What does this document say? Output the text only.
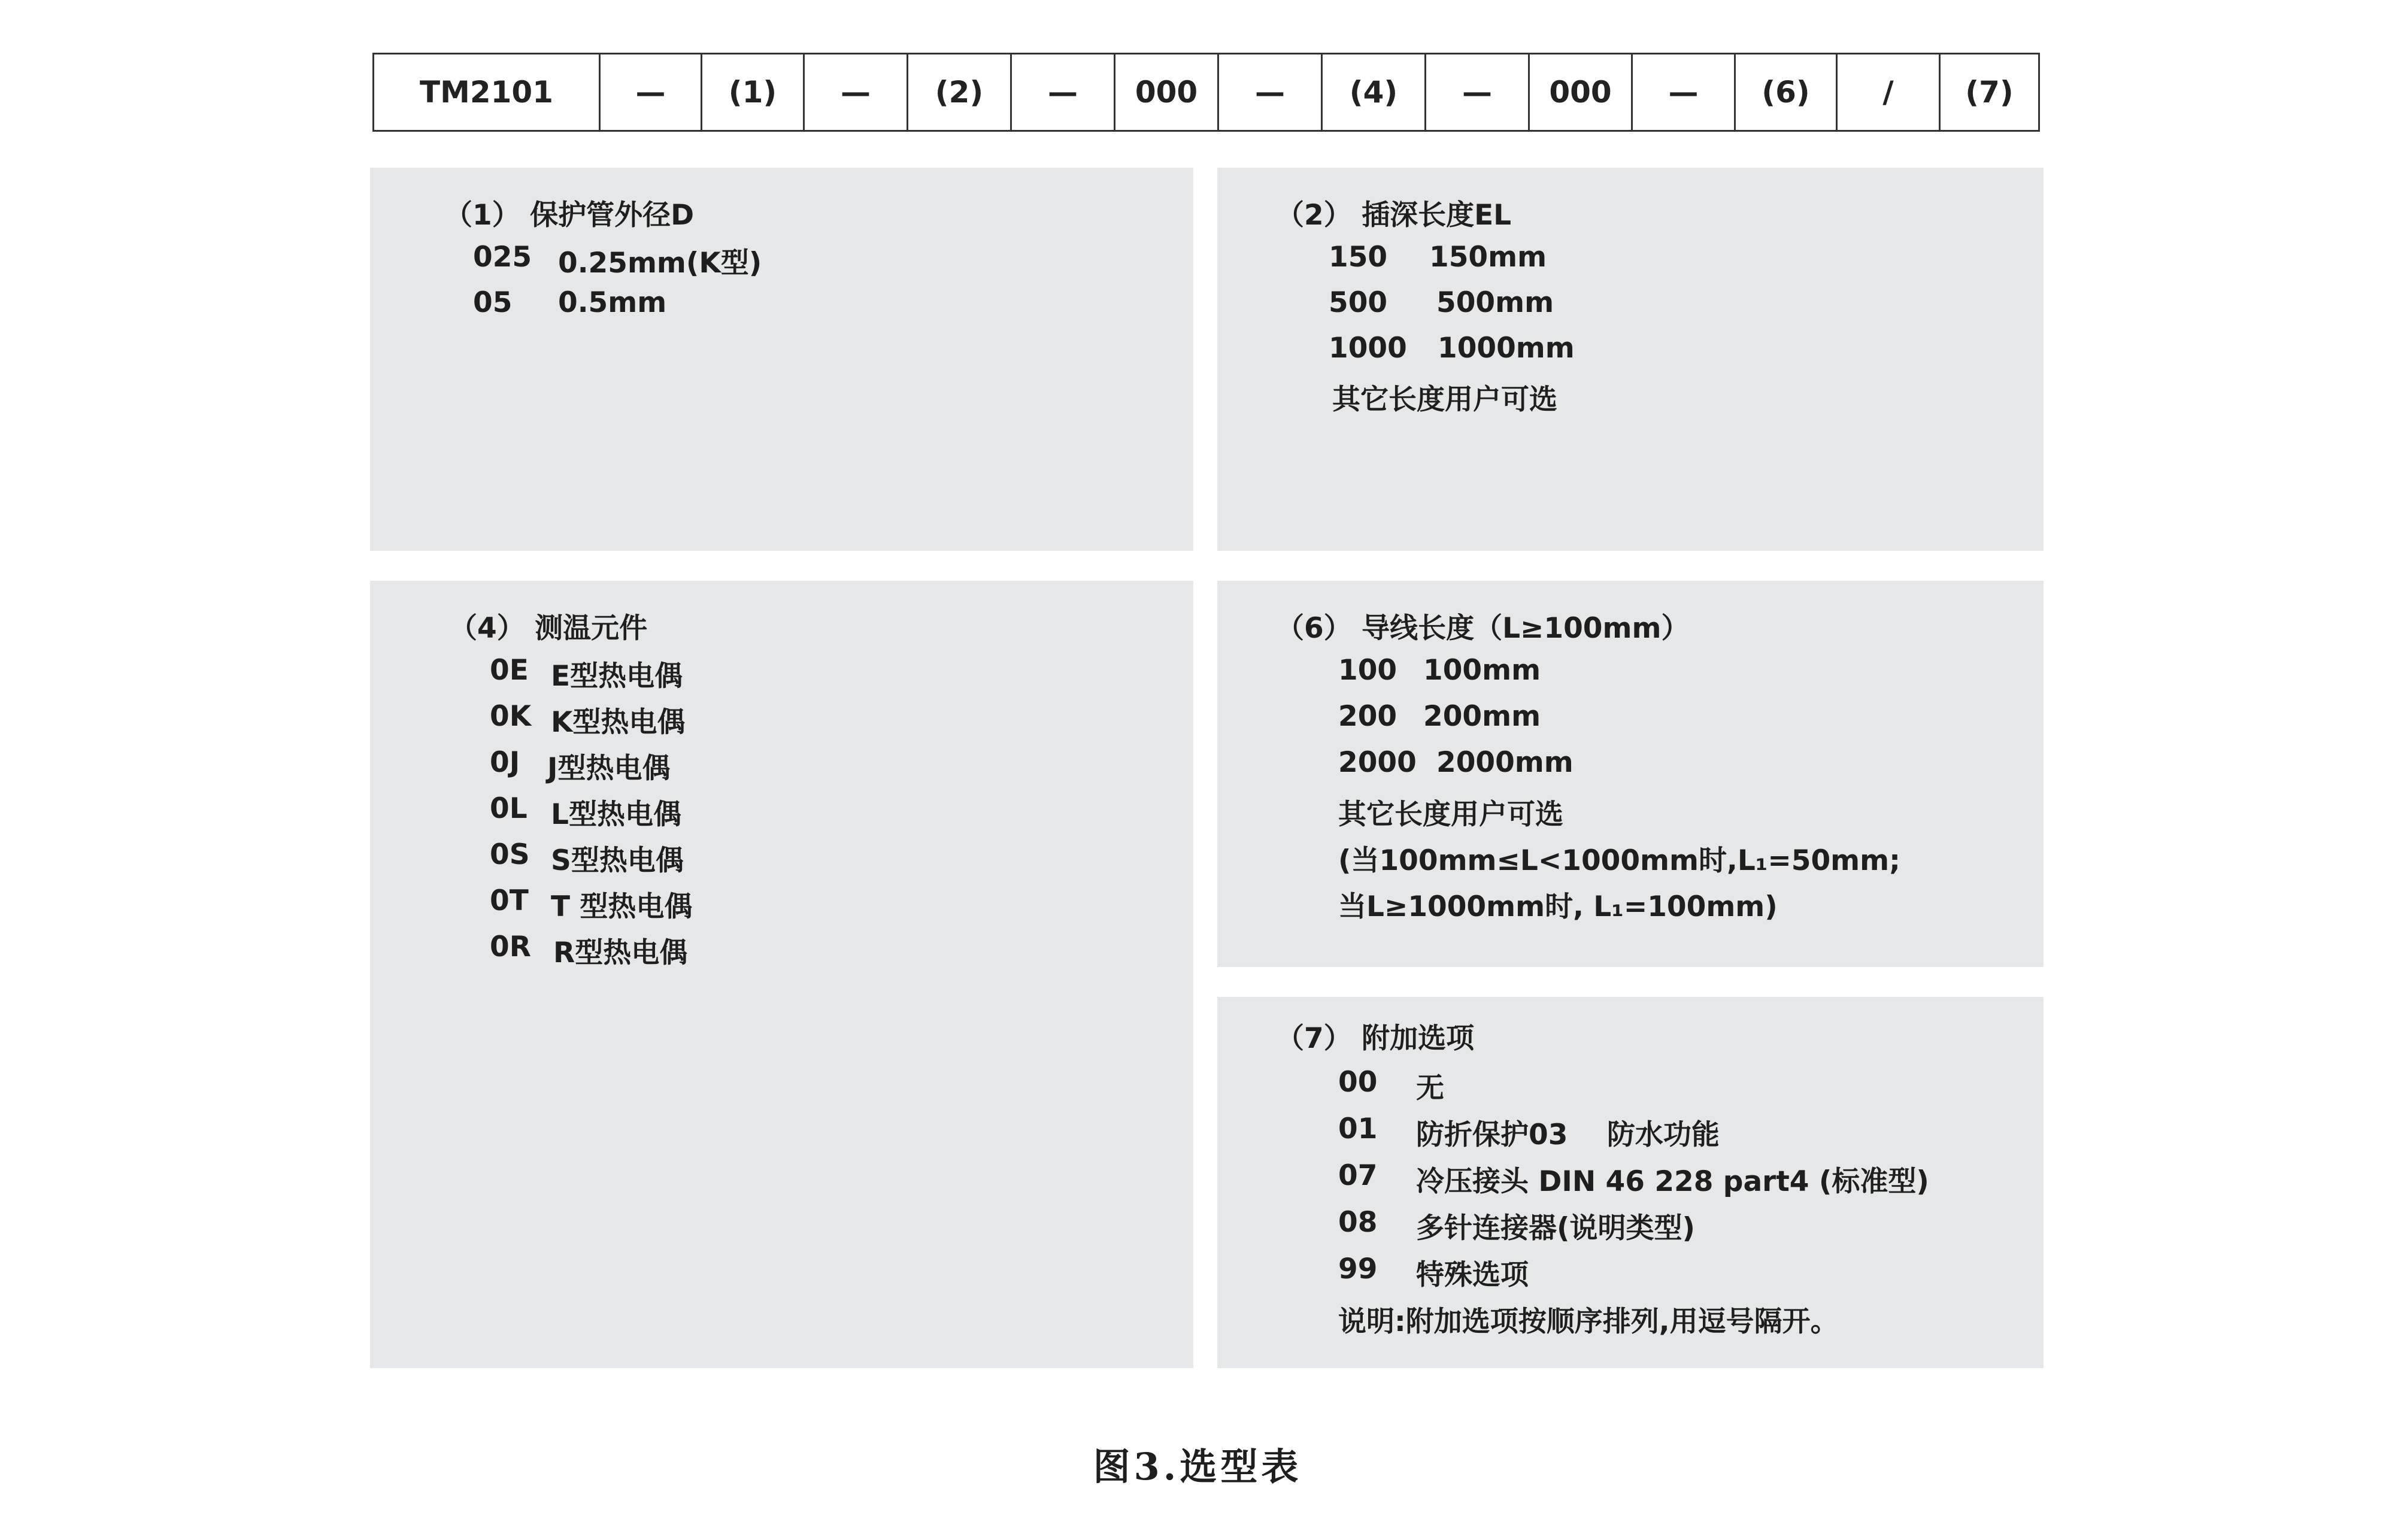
TM2101	—	(1)	—	(2)	—	000	—	(4)	—	000	—	(6)	/	(7)
（1） 保护管外径D
025 0.25mm(K型)
05	0.5mm
（2） 插深长度EL
150	150mm
500	500mm
1000	1000mm
其它长度用户可选
（4） 测温元件
0E E型热电偶
0K K型热电偶
0J J型热电偶
0L L型热电偶
0S S型热电偶
0T T 型热电偶
0R R型热电偶
（6） 导线长度（L≥100mm）
100 100mm
200 200mm
2000 2000mm
其它长度用户可选
(当100mm≤L<1000mm时,L₁=50mm;
当L≥1000mm时, L₁=100mm)
（7） 附加选项
00	无
01	防折保护03    防水功能
07	冷压接头 DIN 46 228 part4 (标准型)
08	多针连接器(说明类型)
99	特殊选项
说明:附加选项按顺序排列,用逗号隔开。
图3.选型表
